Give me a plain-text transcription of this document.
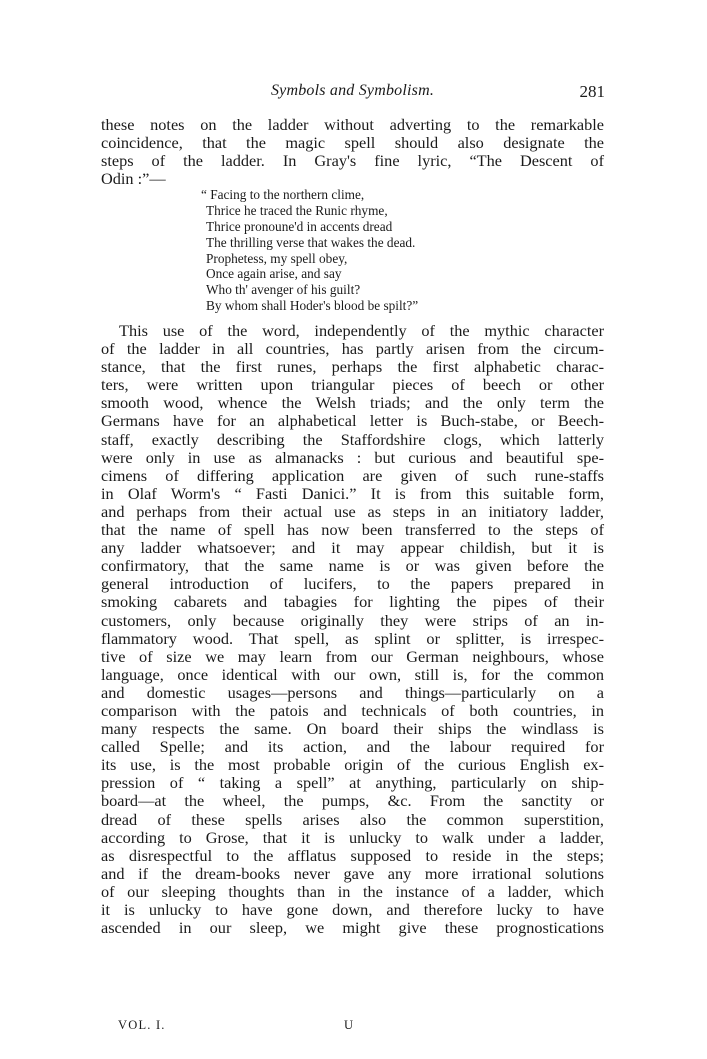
Symbols and Symbolism.	281
these notes on the ladder without adverting to the remarkable
coincidence, that the magic spell should also designate the
steps of the ladder. In Gray's fine lyric, “The Descent of
Odin :”—
“ Facing to the northern clime,
Thrice he traced the Runic rhyme,
Thrice pronoune'd in accents dread
The thrilling verse that wakes the dead.
Prophetess, my spell obey,
Once again arise, and say
Who th' avenger of his guilt?
By whom shall Hoder's blood be spilt?”
This use of the word, independently of the mythic character
of the ladder in all countries, has partly arisen from the circum-
stance, that the first runes, perhaps the first alphabetic charac-
ters, were written upon triangular pieces of beech or other
smooth wood, whence the Welsh triads; and the only term the
Germans have for an alphabetical letter is Buch-stabe, or Beech-
staff, exactly describing the Staffordshire clogs, which latterly
were only in use as almanacks : but curious and beautiful spe-
cimens of differing application are given of such rune-staffs
in Olaf Worm's “ Fasti Danici.” It is from this suitable form,
and perhaps from their actual use as steps in an initiatory ladder,
that the name of spell has now been transferred to the steps of
any ladder whatsoever; and it may appear childish, but it is
confirmatory, that the same name is or was given before the
general introduction of lucifers, to the papers prepared in
smoking cabarets and tabagies for lighting the pipes of their
customers, only because originally they were strips of an in-
flammatory wood. That spell, as splint or splitter, is irrespec-
tive of size we may learn from our German neighbours, whose
language, once identical with our own, still is, for the common
and domestic usages—persons and things—particularly on a
comparison with the patois and technicals of both countries, in
many respects the same. On board their ships the windlass is
called Spelle; and its action, and the labour required for
its use, is the most probable origin of the curious English ex-
pression of “ taking a spell” at anything, particularly on ship-
board—at the wheel, the pumps, &c. From the sanctity or
dread of these spells arises also the common superstition,
according to Grose, that it is unlucky to walk under a ladder,
as disrespectful to the afflatus supposed to reside in the steps;
and if the dream-books never gave any more irrational solutions
of our sleeping thoughts than in the instance of a ladder, which
it is unlucky to have gone down, and therefore lucky to have
ascended in our sleep, we might give these prognostications
VOL. I.	U
